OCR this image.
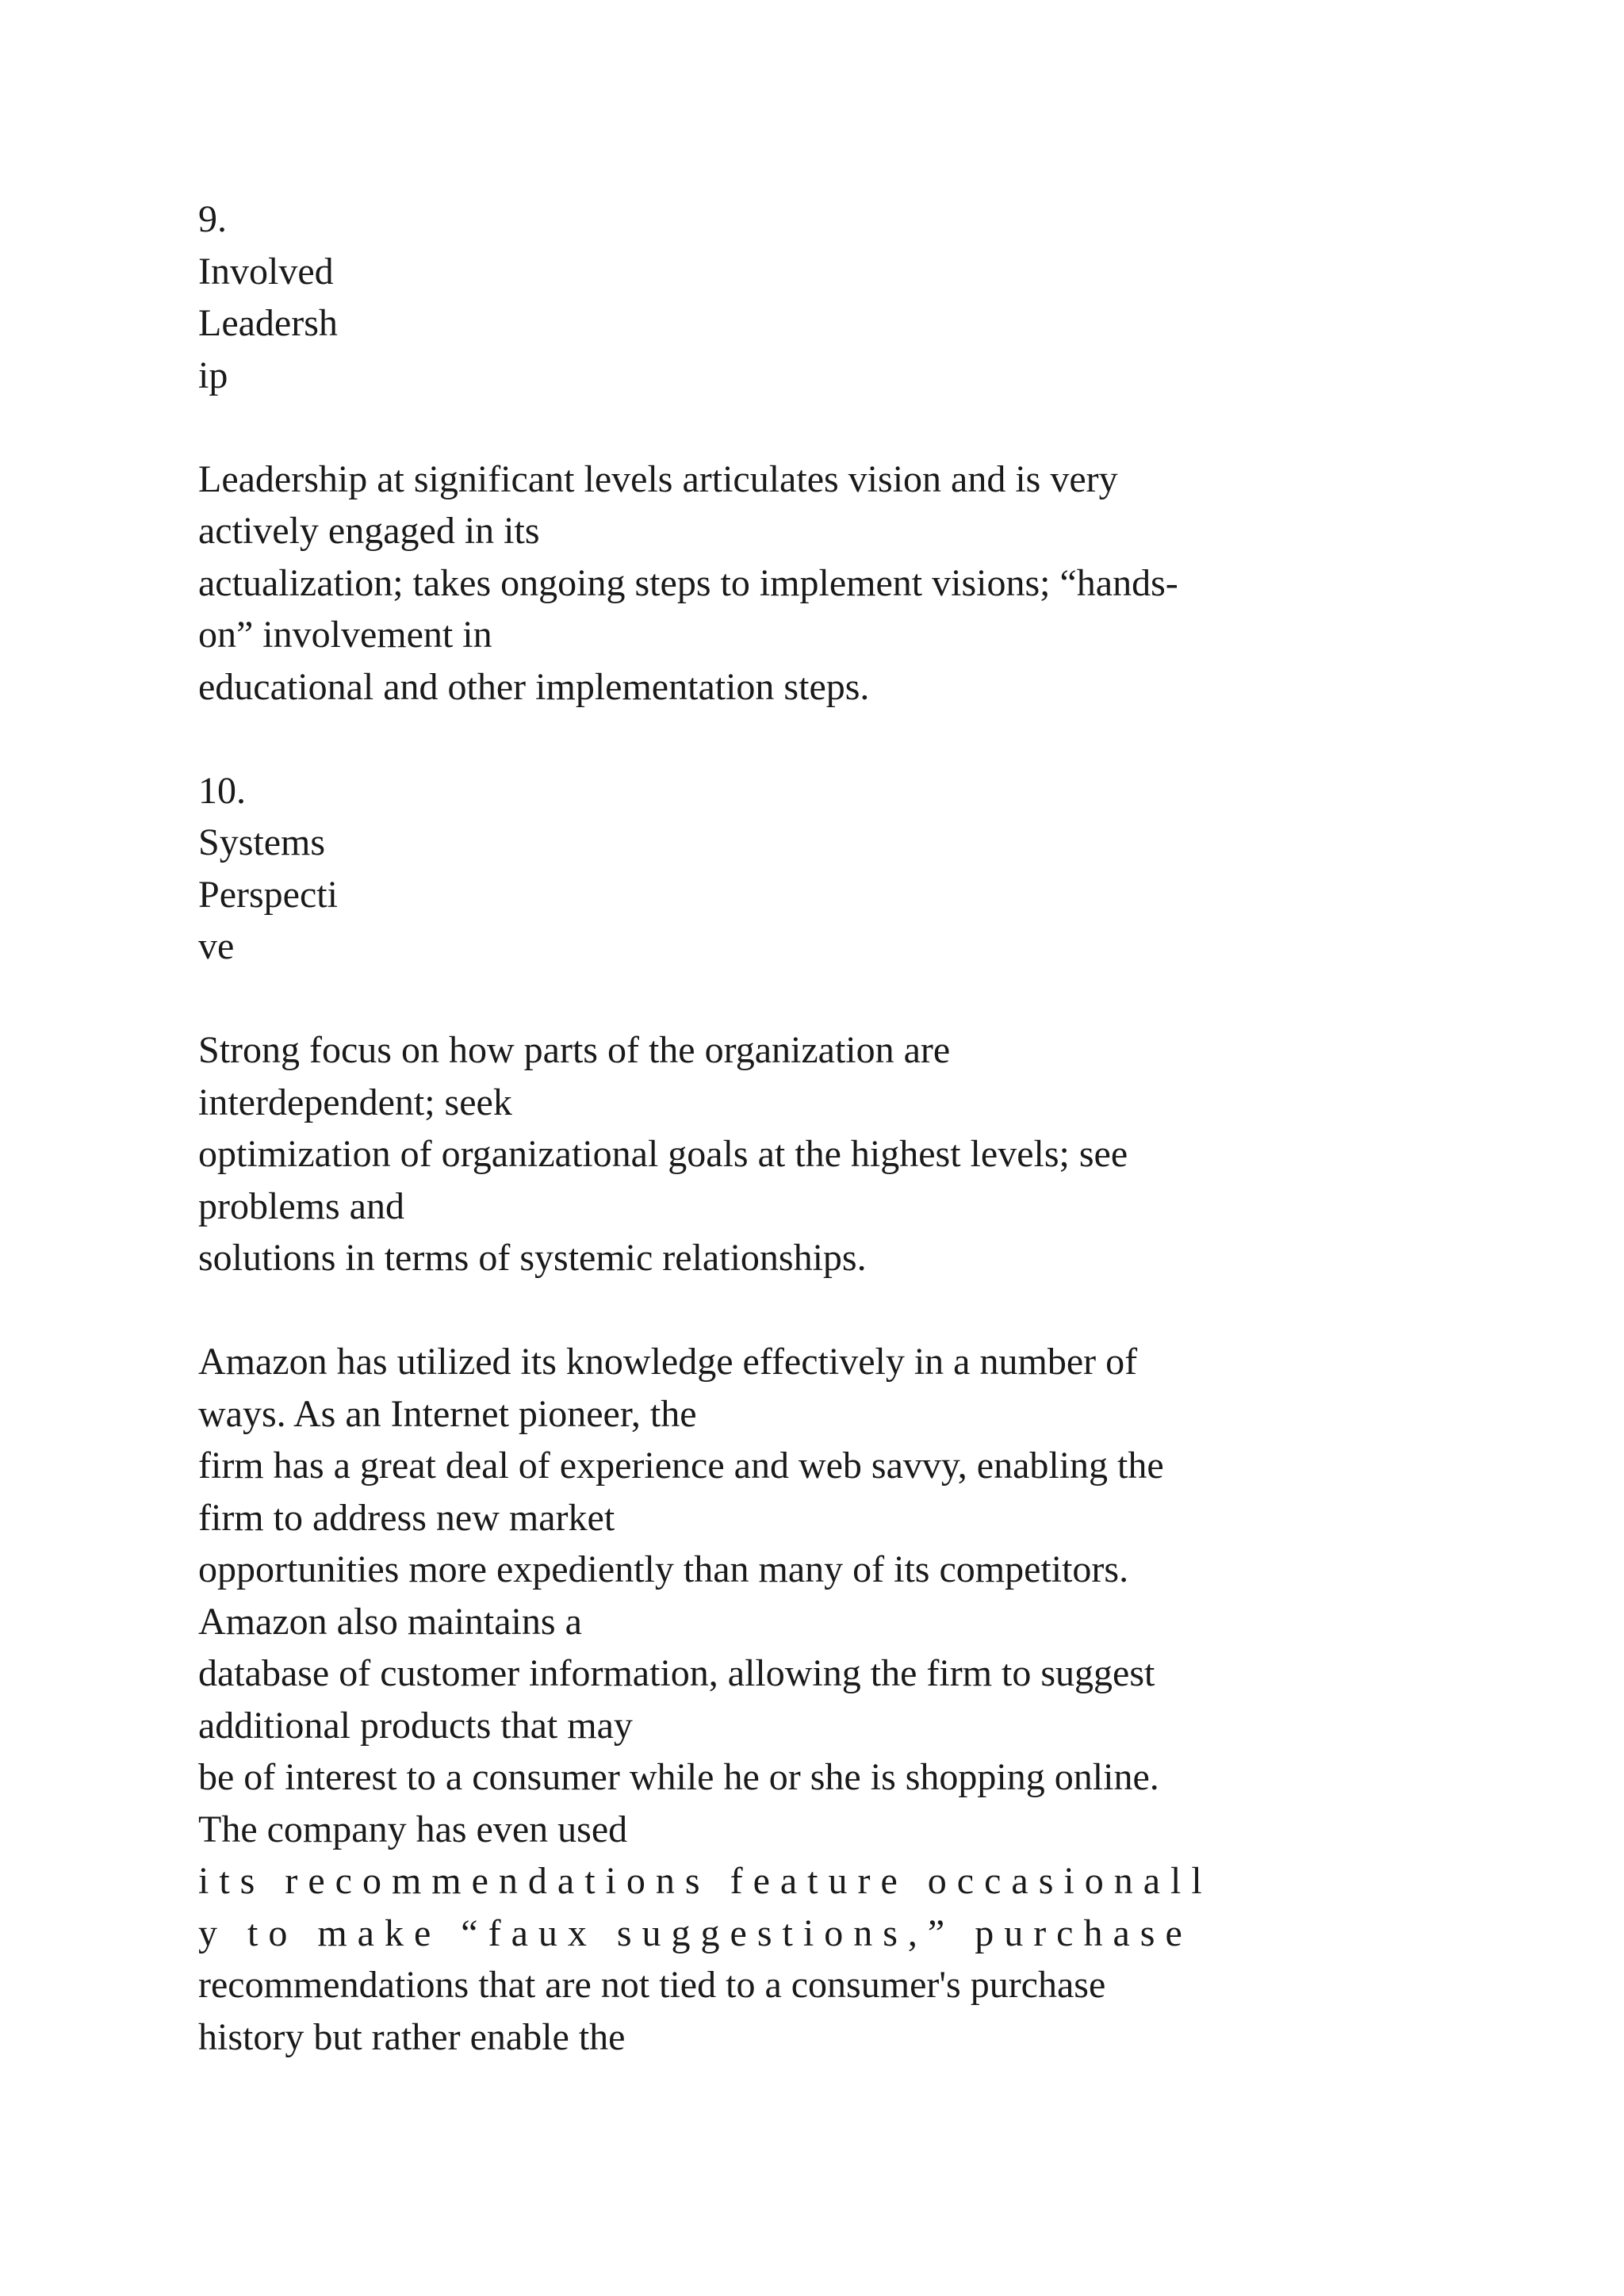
9.
Involved
Leadersh
ip
Leadership at significant levels articulates vision and is very
actively engaged in its
actualization; takes ongoing steps to implement visions; “hands-
on” involvement in
educational and other implementation steps.
10.
Systems
Perspecti
ve
Strong focus on how parts of the organization are
interdependent; seek
optimization of organizational goals at the highest levels; see
problems and
solutions in terms of systemic relationships.
Amazon has utilized its knowledge effectively in a number of
ways. As an Internet pioneer, the
firm has a great deal of experience and web savvy, enabling the
firm to address new market
opportunities more expediently than many of its competitors.
Amazon also maintains a
database of customer information, allowing the firm to suggest
additional products that may
be of interest to a consumer while he or she is shopping online.
The company has even used
i t s   r e c o m m e n d a t i o n s   f e a t u r e   o c c a s i o n a l l
y   t o   m a k e   “ f a u x   s u g g e s t i o n s , ”   p u r c h a s e
recommendations that are not tied to a consumer's purchase
history but rather enable the
